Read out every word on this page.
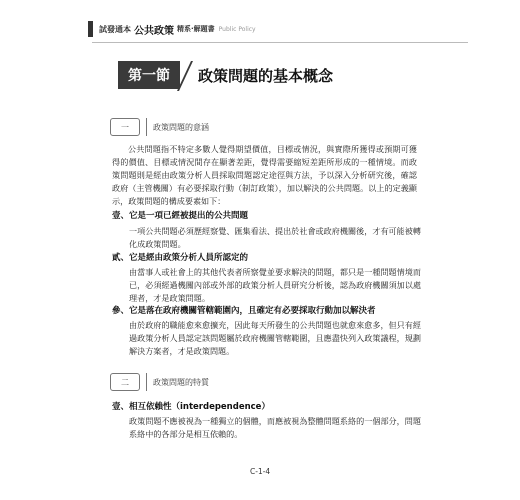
試發通本 公共政策 精系·解題書 Public Policy
第一節	政策問題的基本概念
一	政策問題的意涵

公共問題指不特定多數人覺得期望價值，目標或情況，與實際所獲得或預期可獲得的價值、目標或情況間存在顯著差距，覺得需要縮短差距所形成的一種情境。而政策問題則是經由政策分析人員採取問題認定途徑與方法，予以深入分析研究後，確認政府（主管機關）有必要採取行動（制訂政策），加以解決的公共問題。以上的定義顯示，政策問題的構成要素如下：

壹、它是一項已經被提出的公共問題

一項公共問題必須歷經察覺、匯集看法、提出於社會或政府機關後，才有可能被轉化成政策問題。

貳、它是經由政策分析人員所認定的

由當事人或社會上的其他代表者所察覺並要求解決的問題，都只是一種問題情境而已，必須經過機關內部或外部的政策分析人員研究分析後，認為政府機關須加以處理者，才是政策問題。

參、它是落在政府機關管轄範圍內，且確定有必要採取行動加以解決者

由於政府的職能愈來愈擴充，因此每天所發生的公共問題也就愈來愈多，但只有經過政策分析人員認定該問題屬於政府機關管轄範圍，且應盡快列入政策議程，規劃解決方案者，才是政策問題。

二	政策問題的特質
壹、相互依賴性（interdependence）

政策問題不應被視為一種獨立的個體，而應被視為整體問題系絡的一個部分，問題系絡中的各部分是相互依賴的。

C-1-4
